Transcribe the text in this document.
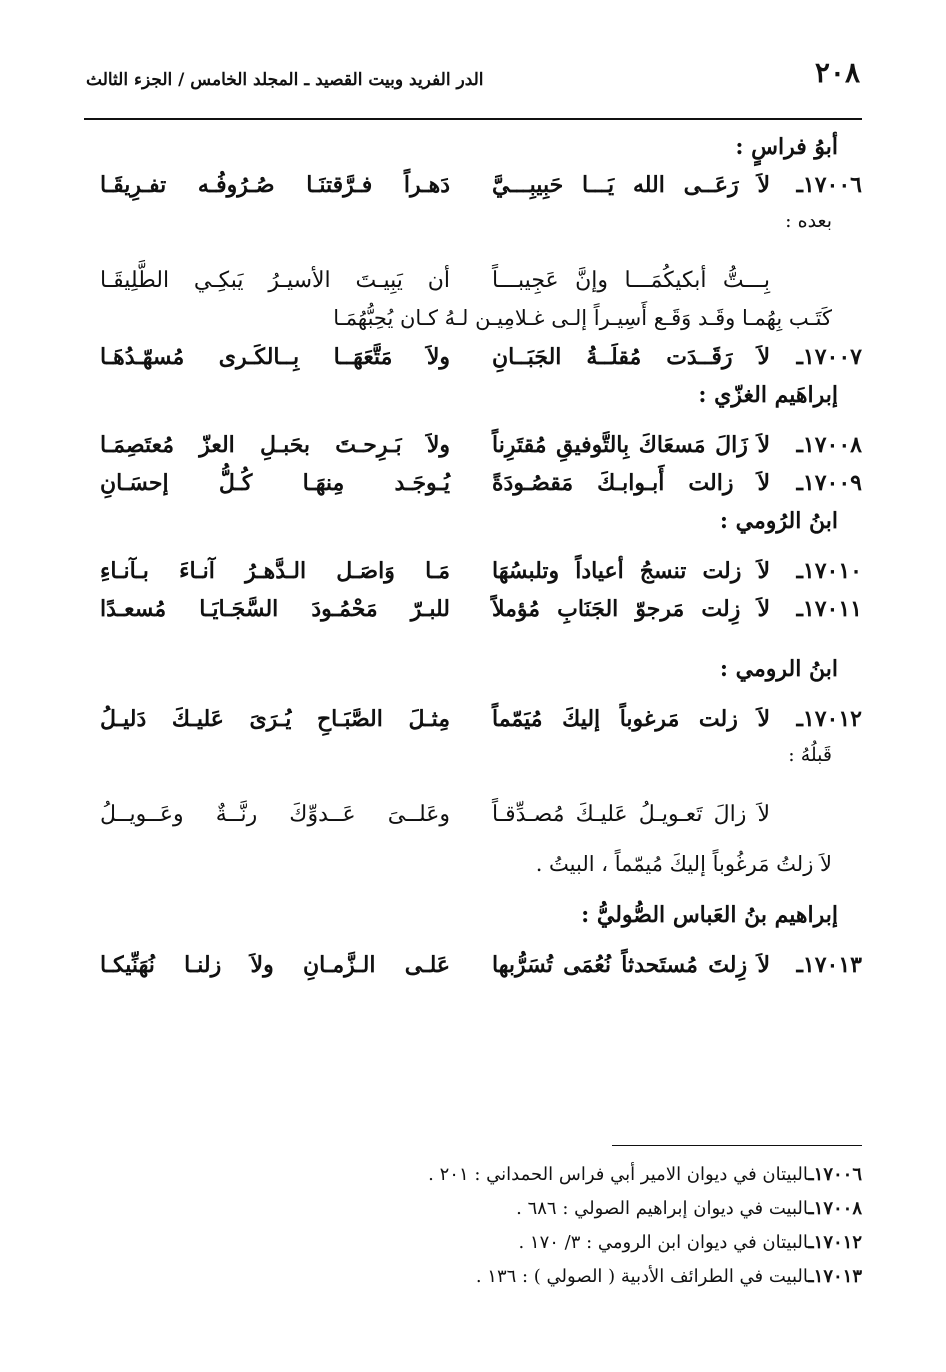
٢٠٨
الدر الفريد وبيت القصيد ـ المجلد الخامس / الجزء الثالث
أبوُ فراسٍ :
١٧٠٠٦ـ
لاَ رَعَــى الله يَـــا حَبِيبِـــيَّ
دَهـراً فـرَّقتنَـا صُـرُوفُـه تفـرِيقَـا
بعده :
بِـــتُّ أبكيكُمَـــا وإنَّ عَجِيبـــاً
أن يَبِيـتَ الأسيـرُ يَبكِـي الطَّلِيقَـا
كَتَـب بِهُمـا وقَـد وَقَـع أَسِيـراً إلـى غـلامِيـن لـهُ كـان يُحِبُّهُمَـا
١٧٠٠٧ـ
لاَ رَقَــدَت مُقلَــةُ الجَبَــانِ
ولاَ مَتَّعَهَــا بِــالكَـرى مُسهّـدُهَـا
إبراهَيم الغزّي :
١٧٠٠٨ـ
لاَ زَالَ مَسعَاكَ بِالتَّوفيقِ مُقتَرِناً
ولاَ بَـرِحـتَ بحَبـلِ العزّ مُعتَصِمَـا
١٧٠٠٩ـ
لاَ زالت أَبـوابـكَ مَقصُـودَةً
يُـوجَـد مِنهَـا كُـلُّ إحسَـانِ
ابنُ الرُومي :
١٧٠١٠ـ
لاَ زلت تنسجُ أعياداً وتلبسُهَا
مَـا وَاصَـل الـدَّهـرُ آنـاءَ بـآنـاءِ
١٧٠١١ـ
لاَ زِلت مَرجوّ الجَنَابِ مُؤملاً
للبـرّ مَحْمُـودَ السَّجَـايَـا مُسعـدًا
ابنُ الرومي :
١٧٠١٢ـ
لاَ زلت مَرغوباً إليكَ مُيَمّماً
مِثـلَ الصَّبَـاحِ يُـرَىَ عَليـكَ دَليـلُ
قَبلُهُ :
لاَ زالَ تَعـويـلُ عَليـكَ مُصـدِّقـاً
وعَلــىَ عَــدوِّكَ رنَّــةٌ وعَــويــلُ
لاَ زلتُ مَرغُوباً إليكَ مُيمّماً ، البيتُ .
إبراهيم بنُ العَباس الصُّوليُّ :
١٧٠١٣ـ
لاَ زِلتَ مُستَحدثاً نُعُمَى تُسَرُّبها
عَلـى الـزَّمـانِ ولاَ زلنـا نُهَنِّيكـا
١٧٠٠٦ـالبيتان في ديوان الامير أبي فراس الحمداني : ٢٠١ .
١٧٠٠٨ـالبيت في ديوان إبراهيم الصولي : ٦٨٦ .
١٧٠١٢ـالبيتان في ديوان ابن الرومي : ٣/ ١٧٠ .
١٧٠١٣ـالبيت في الطرائف الأدبية ( الصولي ) : ١٣٦ .
